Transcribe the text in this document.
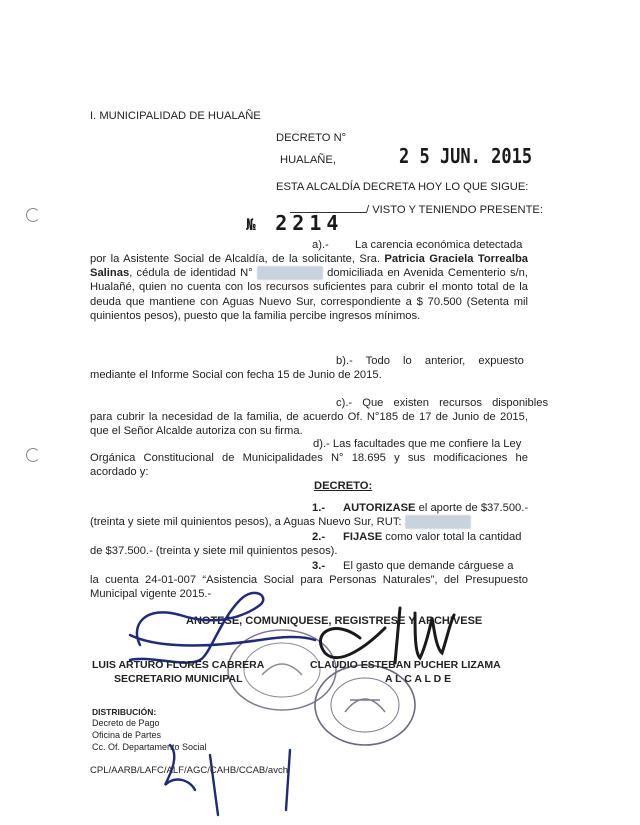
I. MUNICIPALIDAD DE HUALAÑE
DECRETO N°
HUALAÑE,	2 5 JUN. 2015
ESTA ALCALDÍA DECRETA HOY LO QUE SIGUE:
№ 2214
/ VISTO Y TENIENDO PRESENTE:
a).- La carencia económica detectada
por la Asistente Social de Alcaldía, de la solicitante, Sra. Patricia Graciela Torrealba Salinas, cédula de identidad N°	domiciliada en Avenida Cementerio s/n, Hualañé, quien no cuenta con los recursos suficientes para cubrir el monto total de la deuda que mantiene con Aguas Nuevo Sur, correspondiente a $ 70.500 (Setenta mil quinientos pesos), puesto que la familia percibe ingresos mínimos.
b).- Todo lo anterior, expuesto
mediante el Informe Social con fecha 15 de Junio de 2015.
c).- Que existen recursos disponibles
para cubrir la necesidad de la familia, de acuerdo Of. N°185 de 17 de Junio de 2015, que el Señor Alcalde autoriza con su firma.
d).- Las facultades que me confiere la Ley
Orgánica Constitucional de Municipalidades N° 18.695 y sus modificaciones he acordado y:
DECRETO:
1.- AUTORIZASE el aporte de $37.500.-
(treinta y siete mil quinientos pesos), a Aguas Nuevo Sur, RUT:
2.- FIJASE como valor total la cantidad
de $37.500.- (treinta y siete mil quinientos pesos).
3.- El gasto que demande cárguese a
la cuenta 24-01-007 “Asistencia Social para Personas Naturales”, del Presupuesto Municipal vigente 2015.-
ANOTESE, COMUNIQUESE, REGISTRESE Y ARCHIVESE
LUIS ARTURO FLORES CABRERA
SECRETARIO MUNICIPAL
CLAUDIO ESTEBAN PUCHER LIZAMA
A L C A L D E
DISTRIBUCIÓN:
Decreto de Pago
Oficina de Partes
Cc. Of. Departamento Social
CPL/AARB/LAFC/ALF/AGC/CAHB/CCAB/avch
